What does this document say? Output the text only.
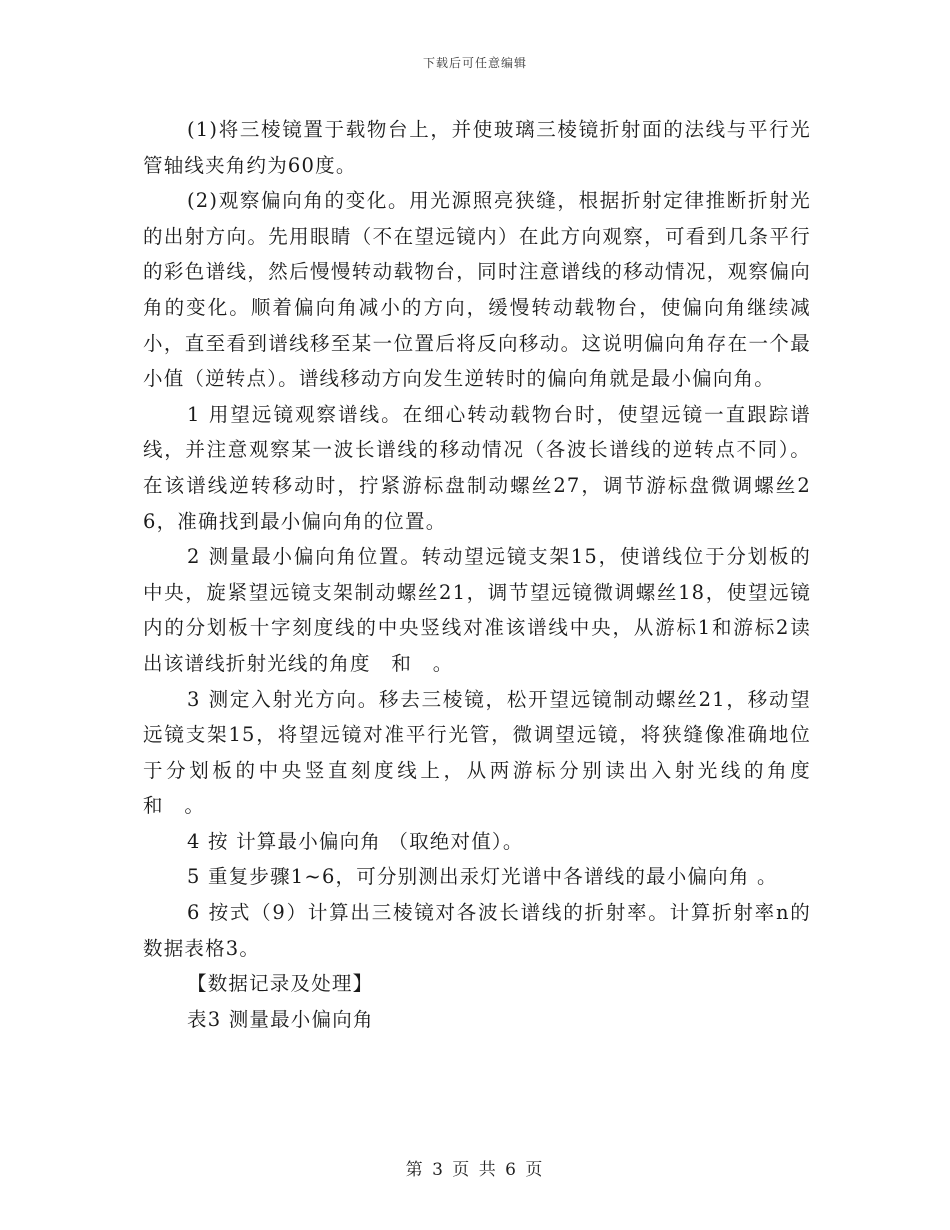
下载后可任意编辑

(1)将三棱镜置于载物台上，并使玻璃三棱镜折射面的法线与平行光管轴线夹角约为60度。

(2)观察偏向角的变化。用光源照亮狭缝，根据折射定律推断折射光的出射方向。先用眼睛（不在望远镜内）在此方向观察，可看到几条平行的彩色谱线，然后慢慢转动载物台，同时注意谱线的移动情况，观察偏向角的变化。顺着偏向角减小的方向，缓慢转动载物台，使偏向角继续减小，直至看到谱线移至某一位置后将反向移动。这说明偏向角存在一个最小值（逆转点）。谱线移动方向发生逆转时的偏向角就是最小偏向角。

1 用望远镜观察谱线。在细心转动载物台时，使望远镜一直跟踪谱线，并注意观察某一波长谱线的移动情况（各波长谱线的逆转点不同）。在该谱线逆转移动时，拧紧游标盘制动螺丝27，调节游标盘微调螺丝26，准确找到最小偏向角的位置。

2 测量最小偏向角位置。转动望远镜支架15，使谱线位于分划板的中央，旋紧望远镜支架制动螺丝21，调节望远镜微调螺丝18，使望远镜内的分划板十字刻度线的中央竖线对准该谱线中央，从游标1和游标2读出该谱线折射光线的角度　和　。

3 测定入射光方向。移去三棱镜，松开望远镜制动螺丝21，移动望远镜支架15，将望远镜对准平行光管，微调望远镜，将狭缝像准确地位于分划板的中央竖直刻度线上，从两游标分别读出入射光线的角度　和　。

4 按 计算最小偏向角 （取绝对值）。

5 重复步骤1~6，可分别测出汞灯光谱中各谱线的最小偏向角 。

6 按式（9）计算出三棱镜对各波长谱线的折射率。计算折射率n的数据表格3。

【数据记录及处理】

表3 测量最小偏向角

第 3 页 共 6 页
